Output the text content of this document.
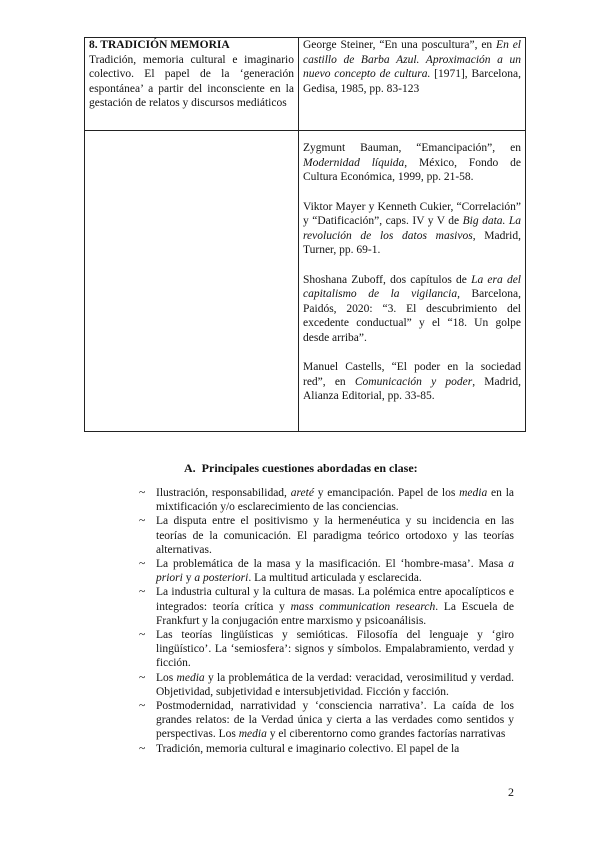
8. TRADICIÓN MEMORIA
Tradición, memoria cultural e imaginario colectivo. El papel de la ‘generación espontánea’ a partir del inconsciente en la gestación de relatos y discursos mediáticos	George Steiner, “En una posculturа”, en En el castillo de Barba Azul. Aproximación a un nuevo concepto de cultura. [1971], Barcelona, Gedisa, 1985, pp. 83-123

	Zygmunt Bauman, “Emancipación”, en Modernidad líquida, México, Fondo de Cultura Económica, 1999, pp. 21-58.

Viktor Mayer y Kenneth Cukier, “Correlación” y “Datificación”, caps. IV y V de Big data. La revolución de los datos masivos, Madrid, Turner, pp. 69-1.

Shoshana Zuboff, dos capítulos de La era del capitalismo de la vigilancia, Barcelona, Paidós, 2020: “3. El descubrimiento del excedente conductual” y el “18. Un golpe desde arriba”.

Manuel Castells, “El poder en la sociedad red”, en Comunicación y poder, Madrid, Alianza Editorial, pp. 33-85.

A. Principales cuestiones abordadas en clase:
~ Ilustración, responsabilidad, areté y emancipación. Papel de los media en la mixtificación y/o esclarecimiento de las conciencias.
~ La disputa entre el positivismo y la hermenéutica y su incidencia en las teorías de la comunicación. El paradigma teórico ortodoxo y las teorías alternativas.
~ La problemática de la masa y la masificación. El ‘hombre-masa’. Masa a priori y a posteriori. La multitud articulada y esclarecida.
~ La industria cultural y la cultura de masas. La polémica entre apocalípticos e integrados: teoría crítica y mass communication research. La Escuela de Frankfurt y la conjugación entre marxismo y psicoanálisis.
~ Las teorías lingüísticas y semióticas. Filosofía del lenguaje y ‘giro lingüístico’. La ‘semiosfera’: signos y símbolos. Empalabramiento, verdad y ficción.
~ Los media y la problemática de la verdad: veracidad, verosimilitud y verdad. Objetividad, subjetividad e intersubjetividad. Ficción y facción.
~ Postmodernidad, narratividad y ‘consciencia narrativa’. La caída de los grandes relatos: de la Verdad única y cierta a las verdades como sentidos y perspectivas. Los media y el ciberentorno como grandes factorías narrativas
~ Tradición, memoria cultural e imaginario colectivo. El papel de la
2
